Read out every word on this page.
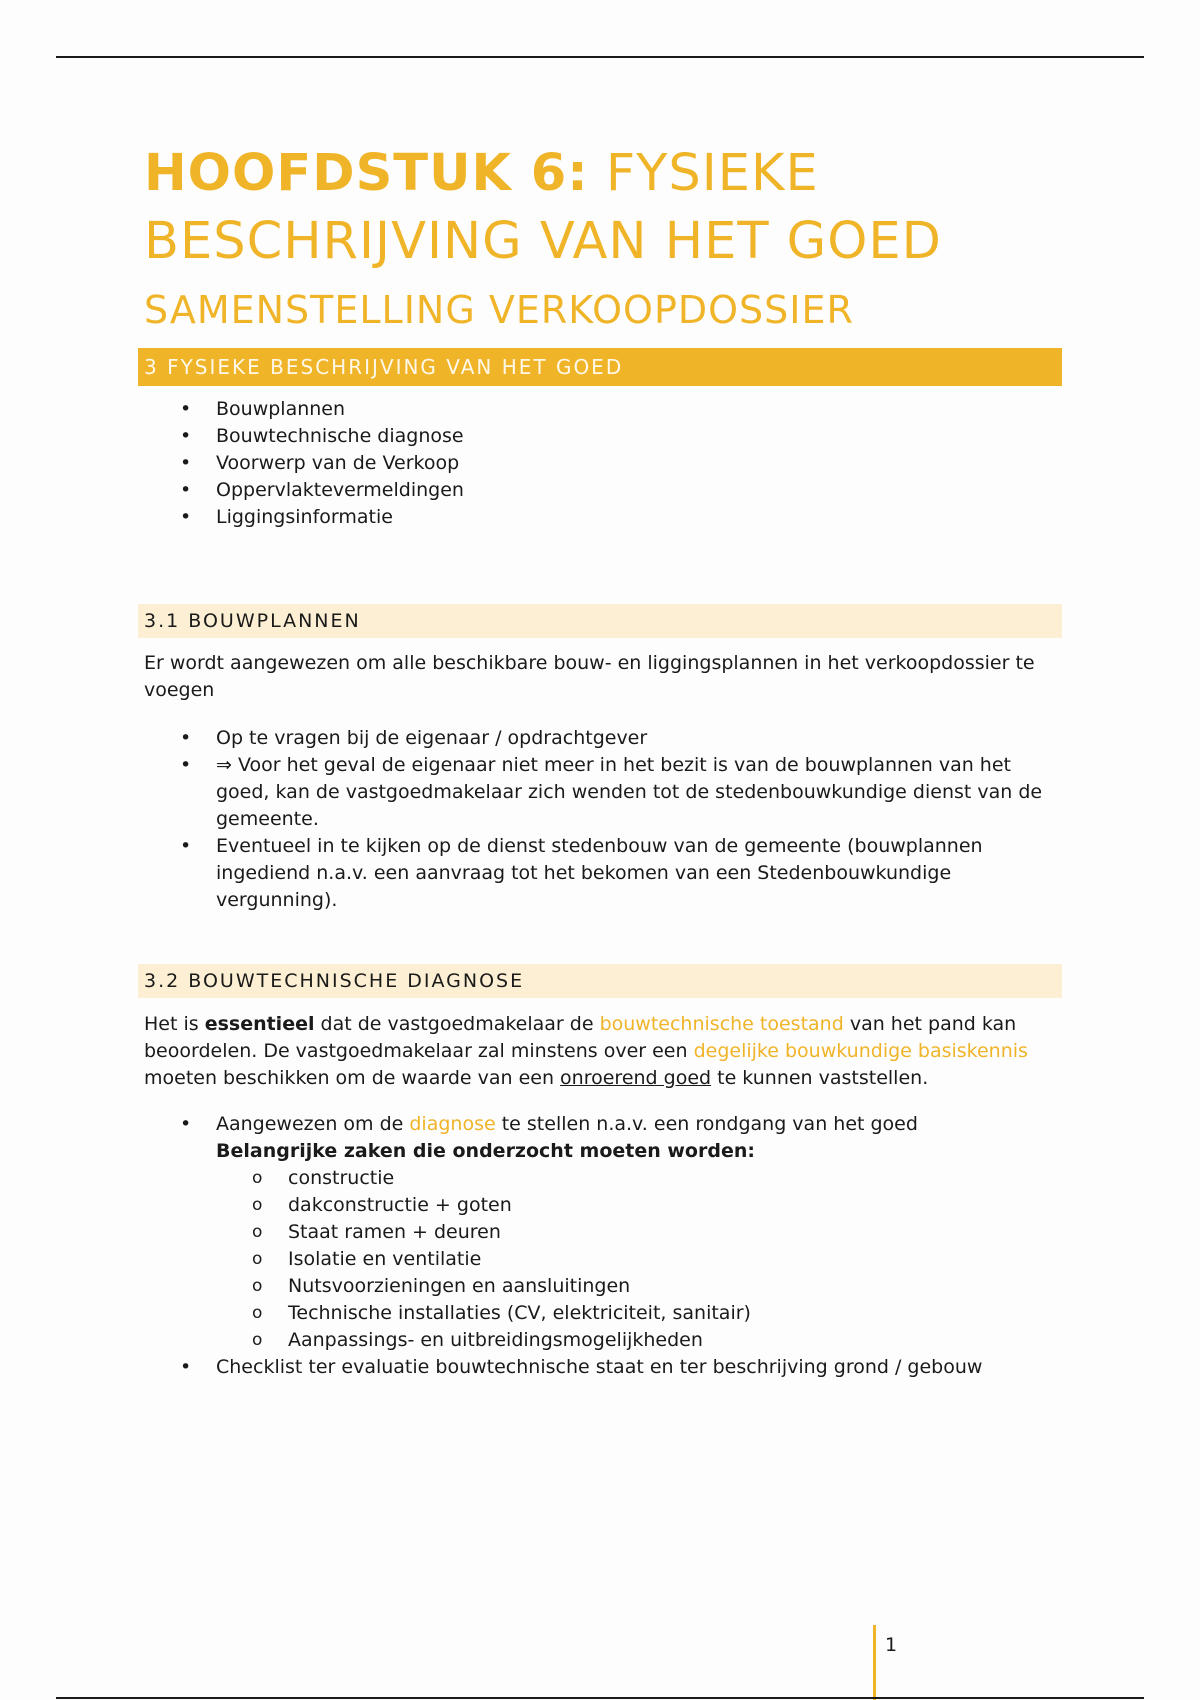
HOOFDSTUK 6: FYSIEKE
BESCHRIJVING VAN HET GOED
SAMENSTELLING VERKOOPDOSSIER
3 FYSIEKE BESCHRIJVING VAN HET GOED
• Bouwplannen
• Bouwtechnische diagnose
• Voorwerp van de Verkoop
• Oppervlaktevermeldingen
• Liggingsinformatie
3.1 BOUWPLANNEN

Er wordt aangewezen om alle beschikbare bouw- en liggingsplannen in het verkoopdossier te voegen

• Op te vragen bij de eigenaar / opdrachtgever
• ⇒ Voor het geval de eigenaar niet meer in het bezit is van de bouwplannen van het goed, kan de vastgoedmakelaar zich wenden tot de stedenbouwkundige dienst van de gemeente.
• Eventueel in te kijken op de dienst stedenbouw van de gemeente (bouwplannen ingediend n.a.v. een aanvraag tot het bekomen van een Stedenbouwkundige vergunning).
3.2 BOUWTECHNISCHE DIAGNOSE

Het is essentieel dat de vastgoedmakelaar de bouwtechnische toestand van het pand kan beoordelen. De vastgoedmakelaar zal minstens over een degelijke bouwkundige basiskennis moeten beschikken om de waarde van een onroerend goed te kunnen vaststellen.

• Aangewezen om de diagnose te stellen n.a.v. een rondgang van het goed
Belangrijke zaken die onderzocht moeten worden:
o constructie
o dakconstructie + goten
o Staat ramen + deuren
o Isolatie en ventilatie
o Nutsvoorzieningen en aansluitingen
o Technische installaties (CV, elektriciteit, sanitair)
o Aanpassings- en uitbreidingsmogelijkheden
• Checklist ter evaluatie bouwtechnische staat en ter beschrijving grond / gebouw
1
